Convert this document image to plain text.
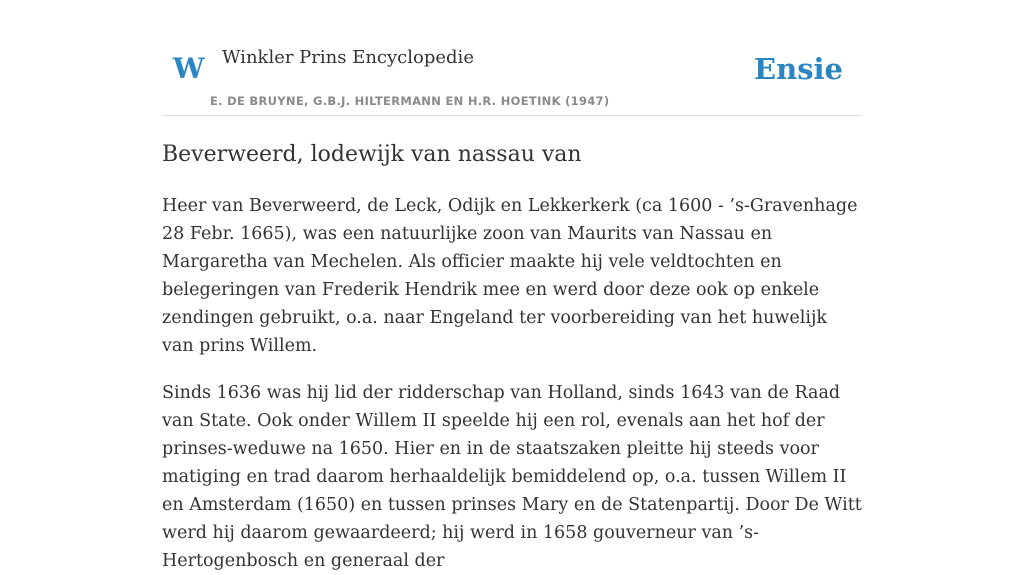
W Winkler Prins Encyclopedie
E. DE BRUYNE, G.B.J. HILTERMANN EN H.R. HOETINK (1947)
Ensie
Beverweerd, lodewijk van nassau van

Heer van Beverweerd, de Leck, Odijk en Lekkerkerk (ca 1600 - ’s-Gravenhage 28 Febr. 1665), was een natuurlijke zoon van Maurits van Nassau en Margaretha van Mechelen. Als officier maakte hij vele veldtochten en belegeringen van Frederik Hendrik mee en werd door deze ook op enkele zendingen gebruikt, o.a. naar Engeland ter voorbereiding van het huwelijk van prins Willem.

Sinds 1636 was hij lid der ridderschap van Holland, sinds 1643 van de Raad van State. Ook onder Willem II speelde hij een rol, evenals aan het hof der prinses-weduwe na 1650. Hier en in de staatszaken pleitte hij steeds voor matiging en trad daarom herhaaldelijk bemiddelend op, o.a. tussen Willem II en Amsterdam (1650) en tussen prinses Mary en de Statenpartij. Door De Witt werd hij daarom gewaardeerd; hij werd in 1658 gouverneur van ’s-Hertogenbosch en generaal der
